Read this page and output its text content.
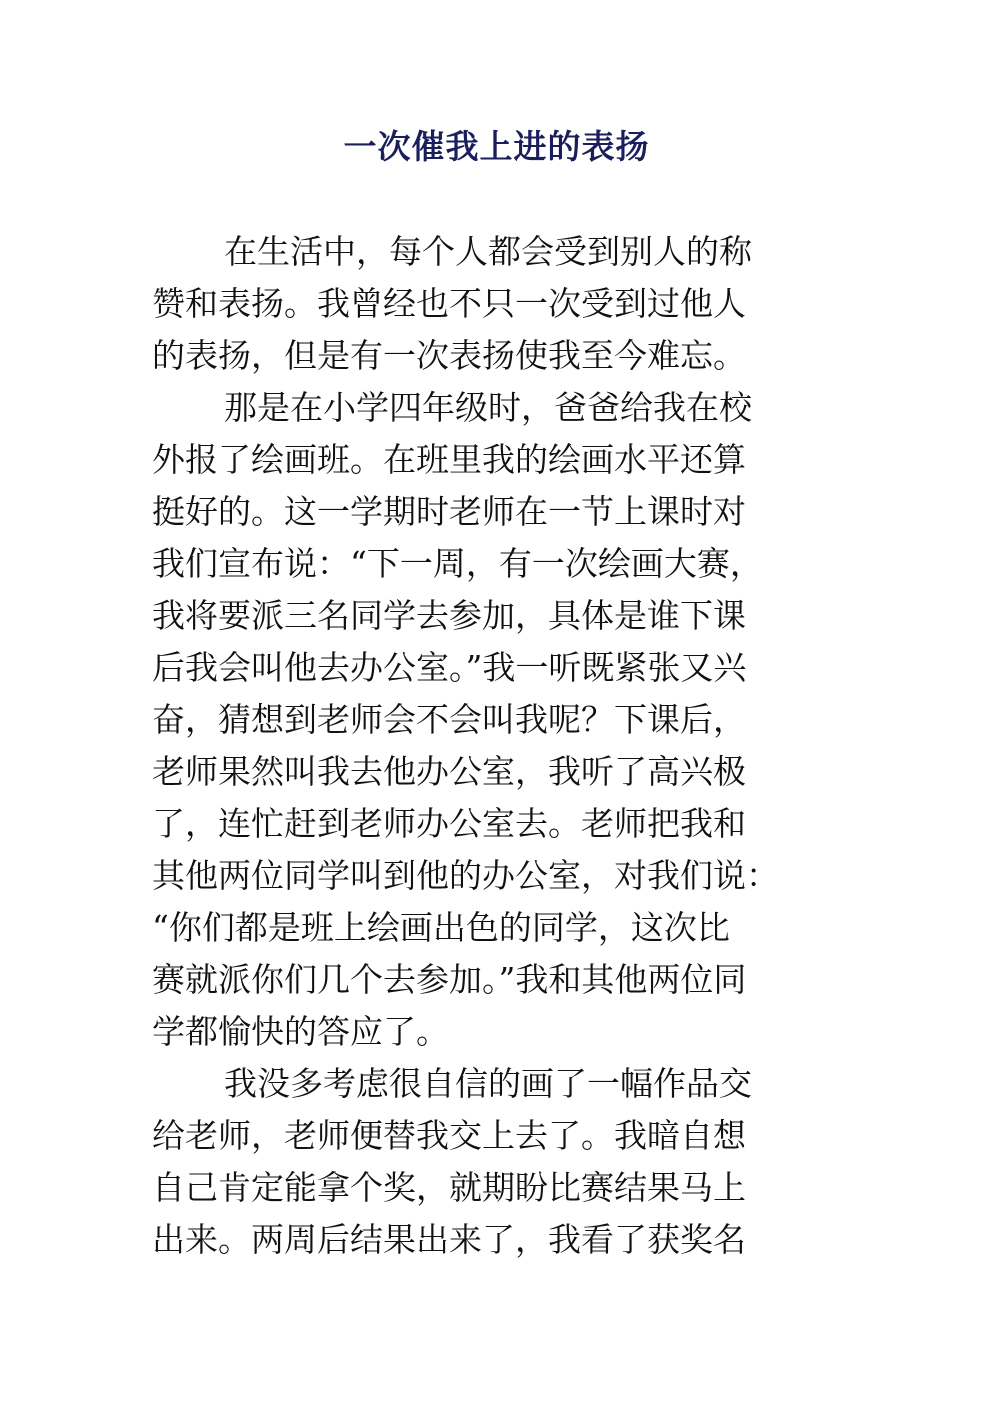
一次催我上进的表扬
在生活中，每个人都会受到别人的称
赞和表扬。我曾经也不只一次受到过他人
的表扬，但是有一次表扬使我至今难忘。
那是在小学四年级时，爸爸给我在校
外报了绘画班。在班里我的绘画水平还算
挺好的。这一学期时老师在一节上课时对
我们宣布说：“下一周，有一次绘画大赛，
我将要派三名同学去参加，具体是谁下课
后我会叫他去办公室。”我一听既紧张又兴
奋，猜想到老师会不会叫我呢？下课后，
老师果然叫我去他办公室，我听了高兴极
了，连忙赶到老师办公室去。老师把我和
其他两位同学叫到他的办公室，对我们说：
“你们都是班上绘画出色的同学，这次比
赛就派你们几个去参加。”我和其他两位同
学都愉快的答应了。
我没多考虑很自信的画了一幅作品交
给老师，老师便替我交上去了。我暗自想
自己肯定能拿个奖，就期盼比赛结果马上
出来。两周后结果出来了，我看了获奖名
